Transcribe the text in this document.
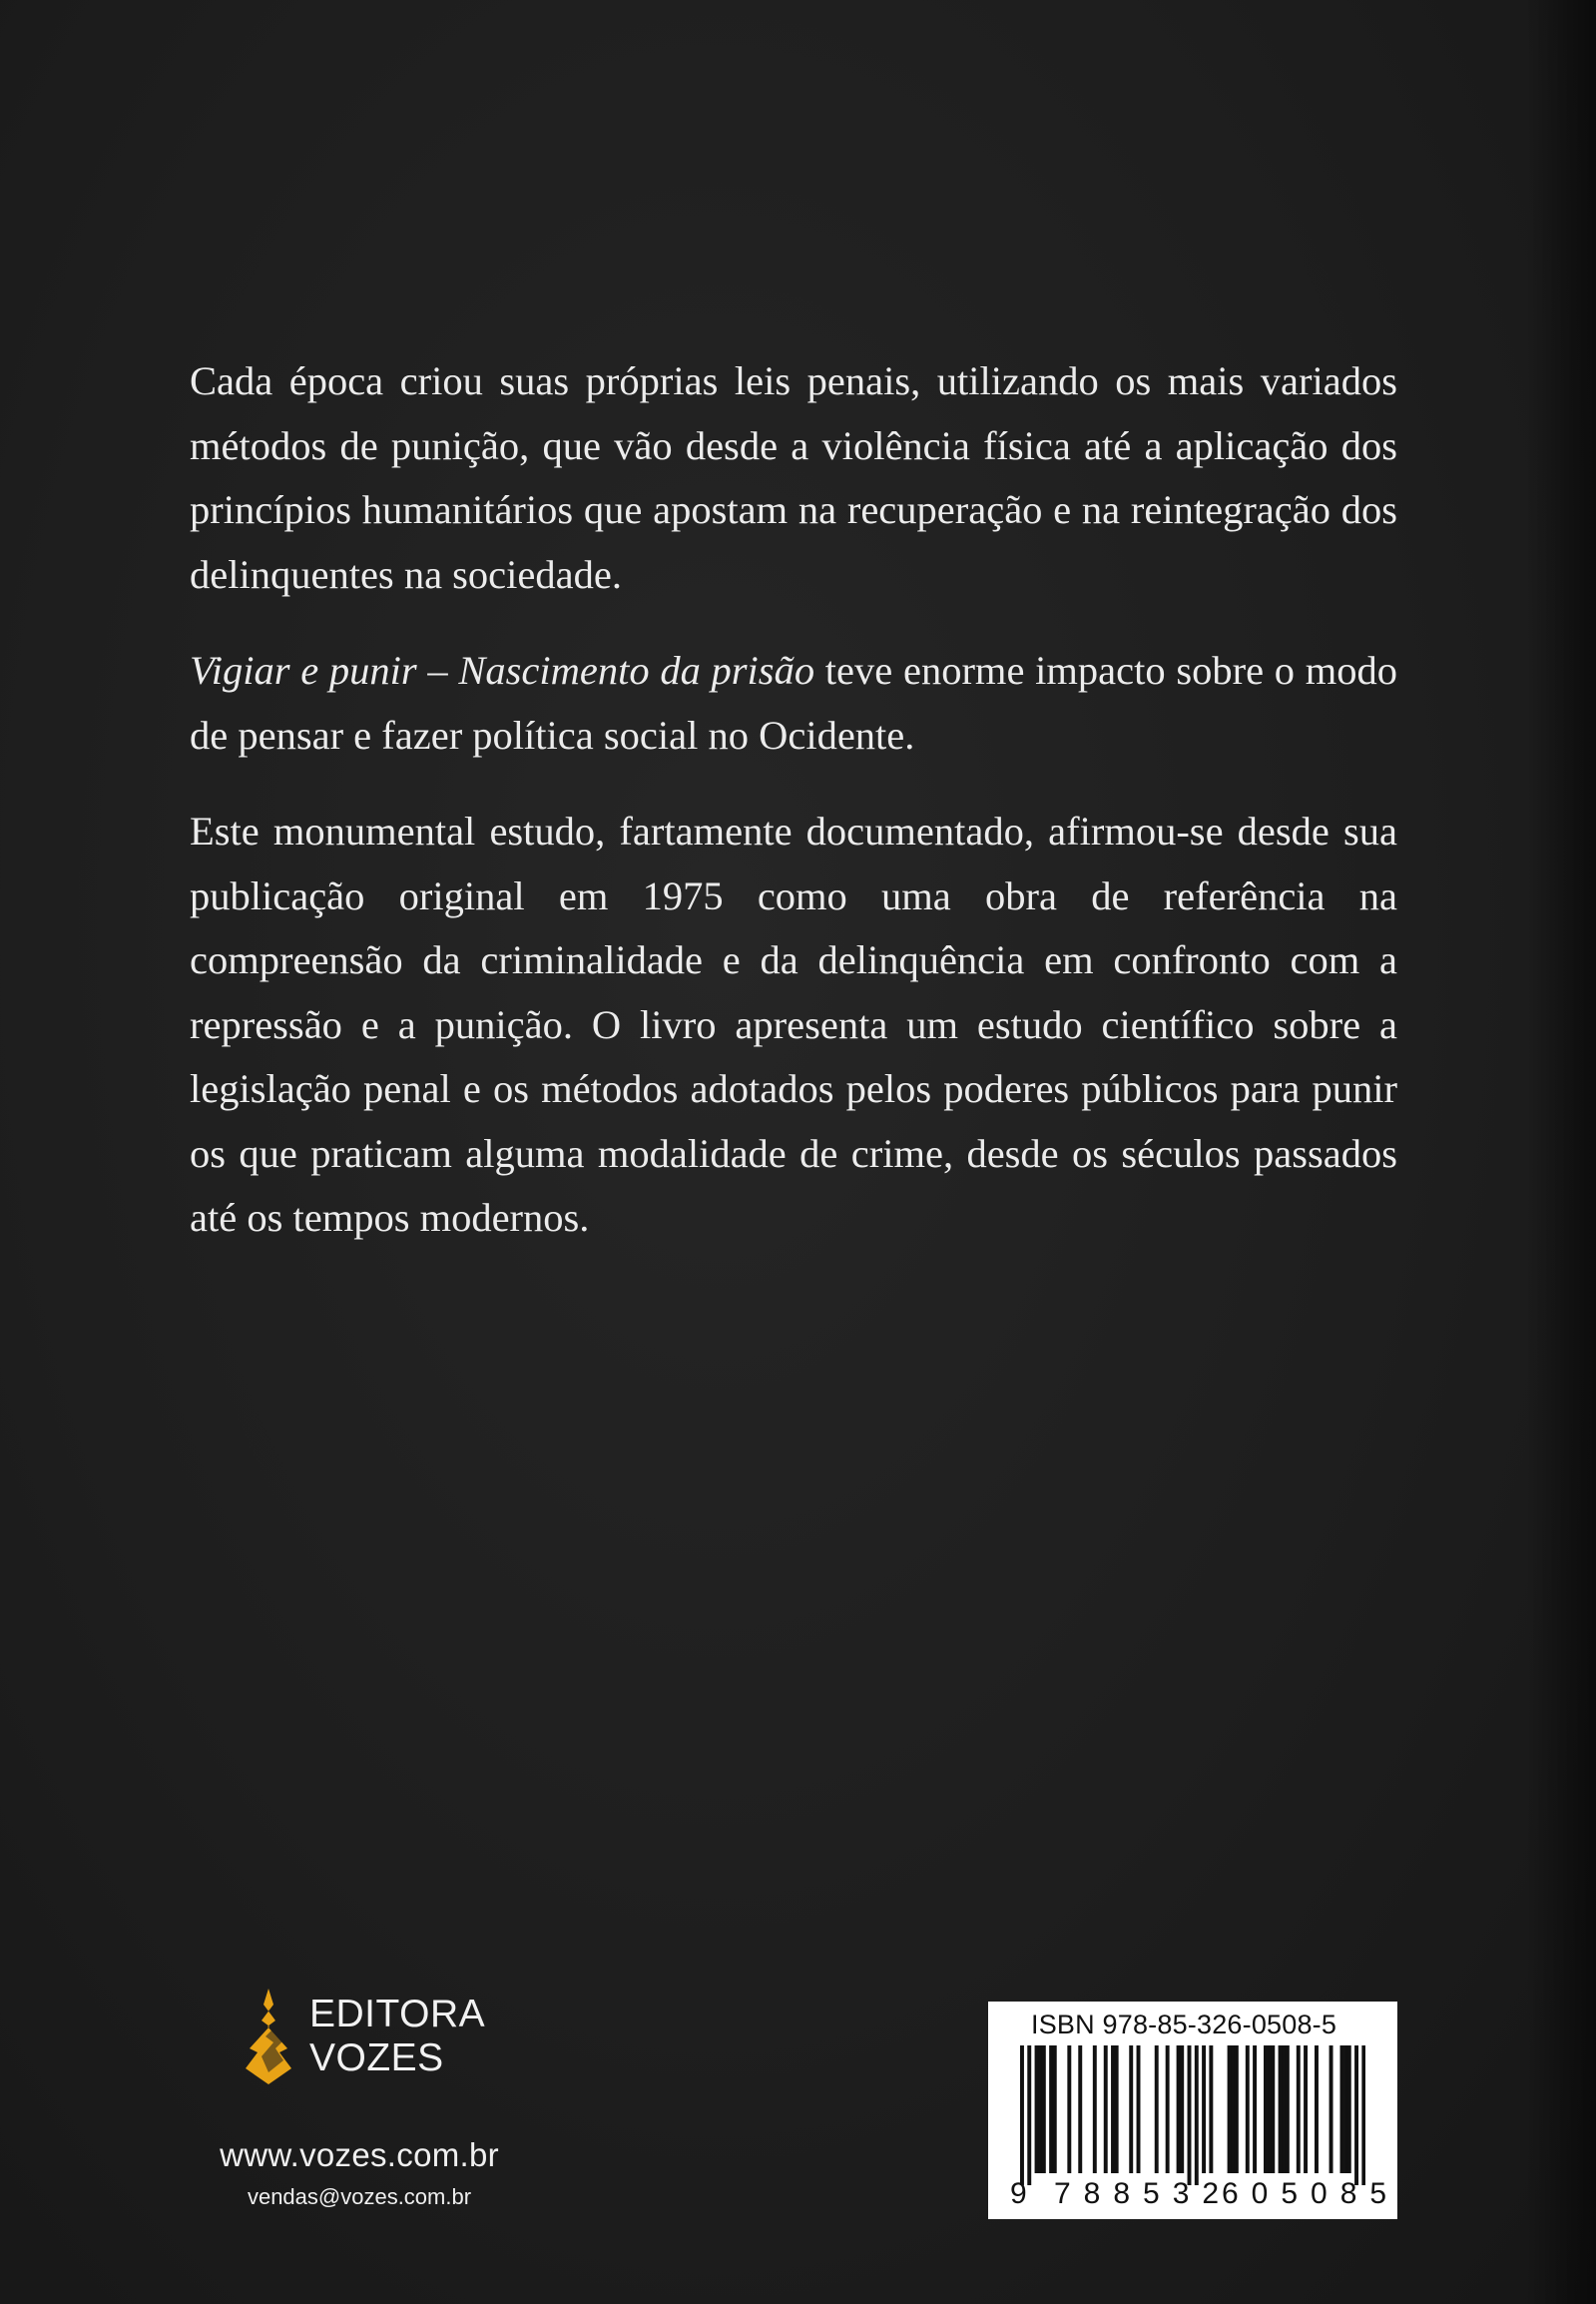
Cada época criou suas próprias leis penais, utilizando os mais variados métodos de punição, que vão desde a violência física até a aplicação dos princípios humanitários que apostam na recuperação e na reintegração dos delinquentes na sociedade.

Vigiar e punir – Nascimento da prisão teve enorme impacto sobre o modo de pensar e fazer política social no Ocidente.

Este monumental estudo, fartamente documentado, afirmou-se desde sua publicação original em 1975 como uma obra de referência na compreensão da criminalidade e da delinquência em confronto com a repressão e a punição. O livro apresenta um estudo científico sobre a legislação penal e os métodos adotados pelos poderes públicos para punir os que praticam alguma modalidade de crime, desde os séculos passados até os tempos modernos.

EDITORA
VOZES
www.vozes.com.br
vendas@vozes.com.br
ISBN 978-85-326-0508-5
9 788532
605085
